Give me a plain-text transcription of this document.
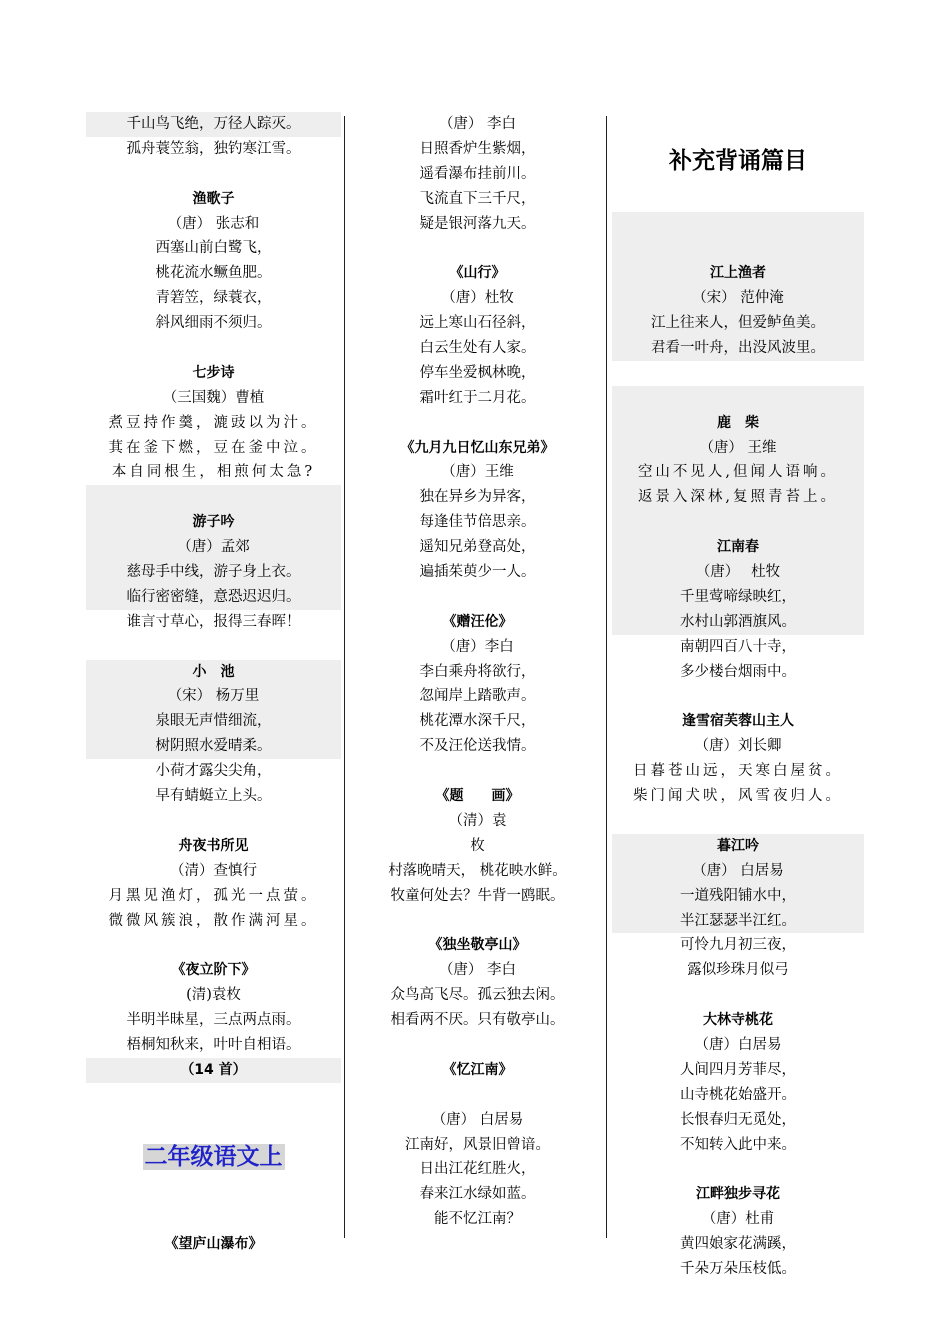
千山鸟飞绝，万径人踪灭。
孤舟蓑笠翁，独钓寒江雪。
渔歌子
（唐） 张志和
西塞山前白鹭飞，
桃花流水鳜鱼肥。
青箬笠，绿蓑衣，
斜风细雨不须归。
七步诗
（三国魏）曹植
煮豆持作羹，漉豉以为汁。
萁在釜下燃，豆在釜中泣。
本自同根生，相煎何太急?
游子吟
（唐）孟郊
慈母手中线，游子身上衣。
临行密密缝，意恐迟迟归。
谁言寸草心，报得三春晖！
小　池
（宋） 杨万里
泉眼无声惜细流，
树阴照水爱晴柔。
小荷才露尖尖角，
早有蜻蜓立上头。
舟夜书所见
（清）查慎行
月黑见渔灯，孤光一点萤。
微微风簇浪，散作满河星。
《夜立阶下》
(清)袁枚
半明半昧星，三点两点雨。
梧桐知秋来，叶叶自相语。
（14 首）
二年级语文上
《望庐山瀑布》
（唐） 李白
日照香炉生紫烟，
遥看瀑布挂前川。
飞流直下三千尺，
疑是银河落九天。
《山行》
（唐）杜牧
远上寒山石径斜，
白云生处有人家。
停车坐爱枫林晚，
霜叶红于二月花。
《九月九日忆山东兄弟》
（唐）王维
独在异乡为异客，
每逢佳节倍思亲。
遥知兄弟登高处，
遍插茱萸少一人。
《赠汪伦》
（唐）李白
李白乘舟将欲行，
忽闻岸上踏歌声。
桃花潭水深千尺，
不及汪伦送我情。
《题　　画》
（清）袁
枚
村落晚晴天， 桃花映水鲜。
牧童何处去？牛背一鸥眠。
《独坐敬亭山》
（唐） 李白
众鸟高飞尽。孤云独去闲。
相看两不厌。只有敬亭山。
《忆江南》
（唐） 白居易
江南好，风景旧曾谙。
日出江花红胜火，
春来江水绿如蓝。
能不忆江南？
补充背诵篇目
江上渔者
（宋） 范仲淹
江上往来人，但爱鲈鱼美。
君看一叶舟，出没风波里。
鹿　柴
（唐） 王维
空山不见人,但闻人语响。
返景入深林,复照青苔上。
江南春
（唐）　 杜牧
千里莺啼绿映红，
水村山郭酒旗风。
南朝四百八十寺，
多少楼台烟雨中。
逢雪宿芙蓉山主人
（唐）刘长卿
日暮苍山远，天寒白屋贫。
柴门闻犬吠，风雪夜归人。
暮江吟
（唐） 白居易
一道残阳铺水中，
半江瑟瑟半江红。
可怜九月初三夜，
露似珍珠月似弓
大林寺桃花
（唐）白居易
人间四月芳菲尽，
山寺桃花始盛开。
长恨春归无觅处，
不知转入此中来。
江畔独步寻花
（唐）杜甫
黄四娘家花满蹊，
千朵万朵压枝低。
